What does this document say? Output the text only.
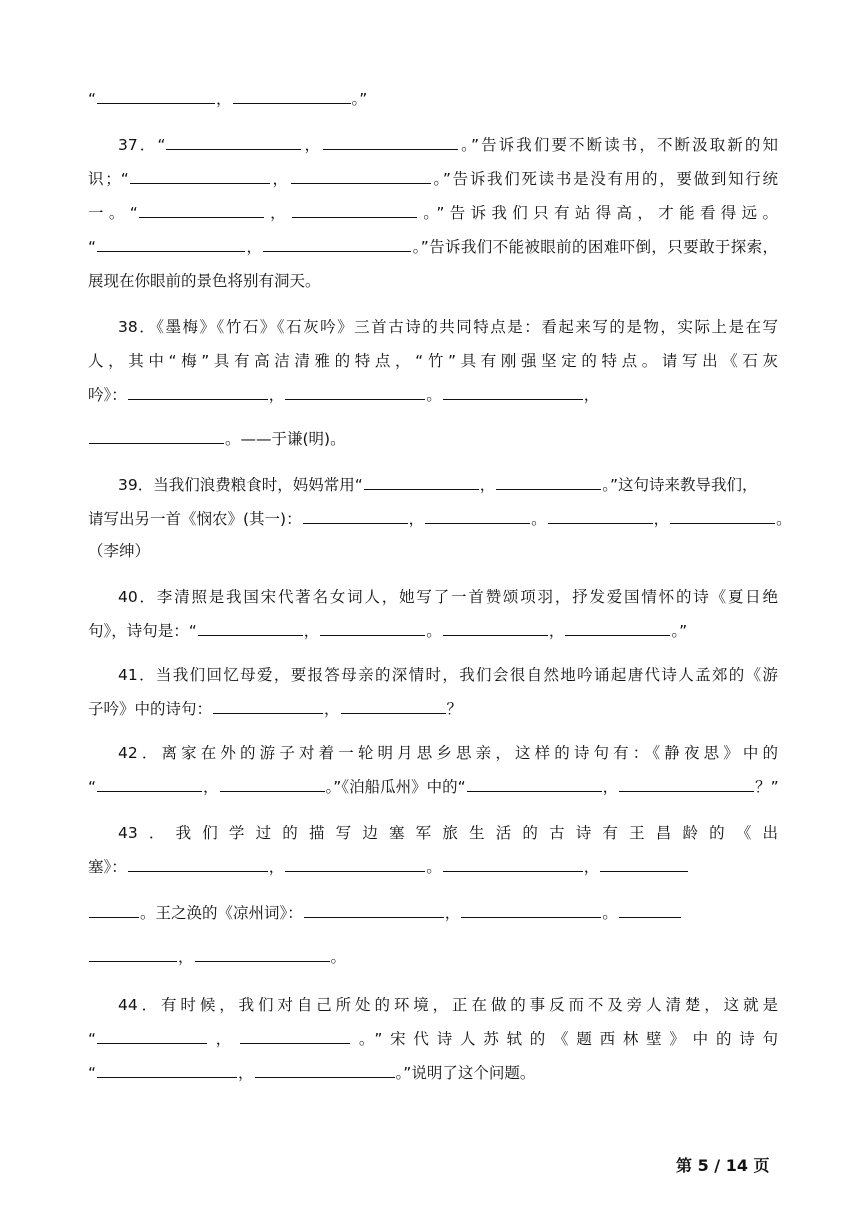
“	，	。”
37．“	，	。”告诉我们要不断读书，不断汲取新的知
识；“	，	。”告诉我们死读书是没有用的，要做到知行统
一。“	，	。”告诉我们只有站得高，才能看得远。
“	，	。”告诉我们不能被眼前的困难吓倒，只要敢于探索，
展现在你眼前的景色将别有洞天。
38．《墨梅》《竹石》《石灰吟》三首古诗的共同特点是：看起来写的是物，实际上是在写
人，其中“梅”具有高洁清雅的特点，“竹”具有刚强坚定的特点。请写出《石灰
吟》：	，	。	，
。——于谦(明)。
39．当我们浪费粮食时，妈妈常用“	，	。”这句诗来教导我们，
请写出另一首《悯农》(其一)：	，	。	，	。
（李绅）
40．李清照是我国宋代著名女词人，她写了一首赞颂项羽，抒发爱国情怀的诗《夏日绝
句》，诗句是：“	，	。	，	。”
41．当我们回忆母爱，要报答母亲的深情时，我们会很自然地吟诵起唐代诗人孟郊的《游
子吟》中的诗句：	，	？
42．离家在外的游子对着一轮明月思乡思亲，这样的诗句有：《静夜思》中的
“	，	。”《泊船瓜州》中的“	，	？”
43．我们学过的描写边塞军旅生活的古诗有王昌龄的《出
塞》：	，	。	，
。王之涣的《凉州词》：	，	。
，	。
44．有时候，我们对自己所处的环境，正在做的事反而不及旁人清楚，这就是
“	，	。”宋代诗人苏轼的《题西林壁》中的诗句
“	，	。”说明了这个问题。
第 5 / 14 页
